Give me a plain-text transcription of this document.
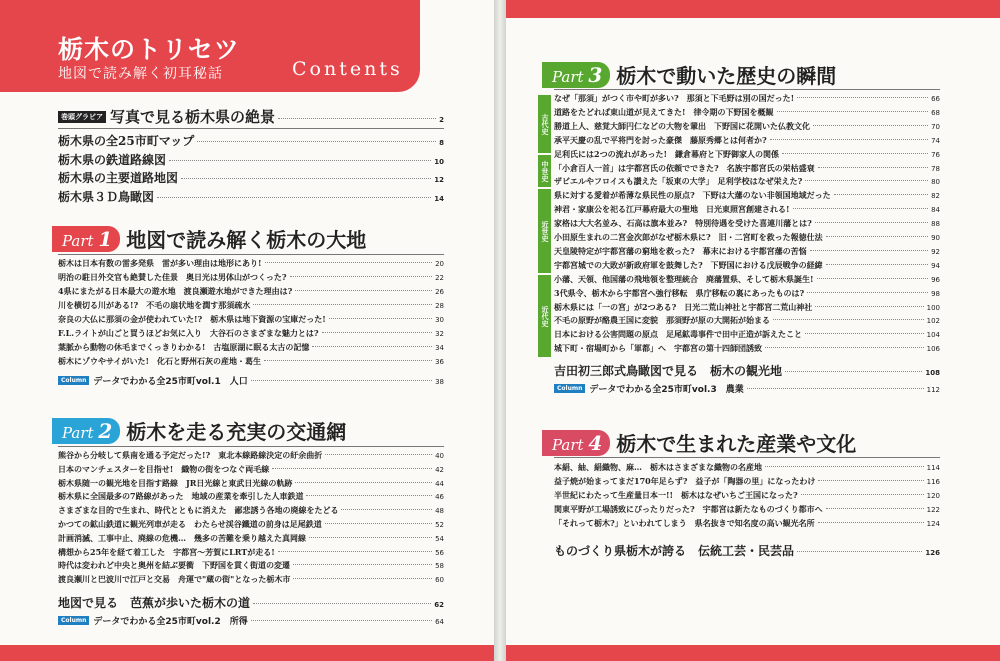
栃木のトリセツ
地図で読み解く初耳秘話	Contents
巻頭グラビア 写真で見る栃木県の絶景	2
栃木県の全25市町マップ	8
栃木県の鉄道路線図	10
栃木県の主要道路地図	12
栃木県３Ｄ鳥瞰図	14
Part 1 地図で読み解く栃木の大地
栃木は日本有数の雷多発県　雷が多い理由は地形にあり!	20
明治の駐日外交官も絶賛した佳景　奥日光は男体山がつくった?	22
4県にまたがる日本最大の遊水地　渡良瀬遊水地ができた理由は?	26
川を横切る川がある!?　不毛の扇状地を潤す那須疏水	28
奈良の大仏に那須の金が使われていた!?　栃木県は地下資源の宝庫だった!	30
F.L.ライトが山ごと買うほどお気に入り　大谷石のさまざまな魅力とは?	32
葉脈から動物の休毛までくっきりわかる!　古塩原湖に眠る太古の記憶	34
栃木にゾウやサイがいた!　化石と野州石灰の産地・葛生	36
Column データでわかる全25市町vol.1　人口	38
Part 2 栃木を走る充実の交通網
熊谷から分岐して県南を通る予定だった!?　東北本線路線決定の紆余曲折	40
日本のマンチェスターを目指せ!　織物の街をつなぐ両毛線	42
栃木県随一の観光地を目指す路線　JR日光線と東武日光線の軌跡	44
栃木県に全国最多の7路線があった　地域の産業を牽引した人車鉄道	46
さまざまな目的で生まれ、時代とともに消えた　鄙悲誘う各地の廃線をたどる	48
かつての鉱山鉄道に観光列車が走る　わたらせ渓谷鐵道の前身は足尾鉄道	52
計画消滅、工事中止、廃線の危機…　幾多の苦難を乗り越えた真岡線	54
構想から25年を経て着工した　宇都宮～芳賀にLRTが走る!	56
時代は変われど中央と奥州を結ぶ要衝　下野国を貫く街道の変遷	58
渡良瀬川と巴波川で江戸と交易　舟運で"蔵の街"となった栃木市	60
地図で見る　芭蕉が歩いた栃木の道	62
Column データでわかる全25市町vol.2　所得	64
Part 3 栃木で動いた歴史の瞬間
古代史
中世史
近世史
近代史
なぜ「那須」がつく市や町が多い?　那須と下毛野は別の国だった!	66
道路をたどれば東山道が見えてきた!　律令期の下野国を概観	68
勝道上人、慈覚大師円仁などの大物を輩出　下野国に花開いた仏教文化	70
承平天慶の乱で平将門を討った豪傑　藤原秀郷とは何者か?	74
足利氏には2つの流れがあった!　鎌倉幕府と下野御家人の関係	76
「小倉百人一首」は宇都宮氏の依頼でできた?　名族宇都宮氏の栄枯盛衰	78
ザビエルやフロイスも讃えた「坂東の大学」　足利学校はなぜ栄えた?	80
県に対する愛着が希薄な県民性の原点?　下野は大藩のない非領国地域だった	82
神君・家康公を祀る江戸幕府最大の聖地　日光東照宮創建される!	84
家格は大大名並み、石高は旗本並み?　特別待遇を受けた喜連川藩とは?	88
小田原生まれの二宮金次郎がなぜ栃木県に?　旧・二宮町を救った報徳仕法	90
天皇陵特定が宇都宮藩の窮地を救った?　幕末における宇都宮藩の苦悩	92
宇都宮城での大敗が新政府軍を鼓舞した?　下野国における戊辰戦争の経緯	94
小藩、天領、他国藩の飛地領を整理統合　廃藩置県、そして栃木県誕生!	96
3代県令、栃木から宇都宮へ強行移転　県庁移転の裏にあったものは?	98
栃木県には「一の宮」が2つある?　日光二荒山神社と宇都宮二荒山神社	100
不毛の原野が酪農王国に変貌　那須野が原の大開拓が始まる	102
日本における公害問題の原点　足尾鉱毒事件で田中正造が訴えたこと	104
城下町・宿場町から「軍都」へ　宇都宮の第十四師団誘致	106
吉田初三郎式鳥瞰図で見る　栃木の観光地	108
Column データでわかる全25市町vol.3　農業	112
Part 4 栃木で生まれた産業や文化
本絹、紬、絹織物、麻…　栃木はさまざまな織物の名産地	114
益子焼が始まってまだ170年足らず?　益子が「陶器の里」になったわけ	116
半世紀にわたって生産量日本一!!　栃木はなぜいちご王国になった?	120
関東平野が工場誘致にぴったりだった?　宇都宮は新たなものづくり都市へ	122
「それって栃木?」といわれてしまう　県名抜きで知名度の高い観光名所	124
ものづくり県栃木が誇る　伝統工芸・民芸品	126
